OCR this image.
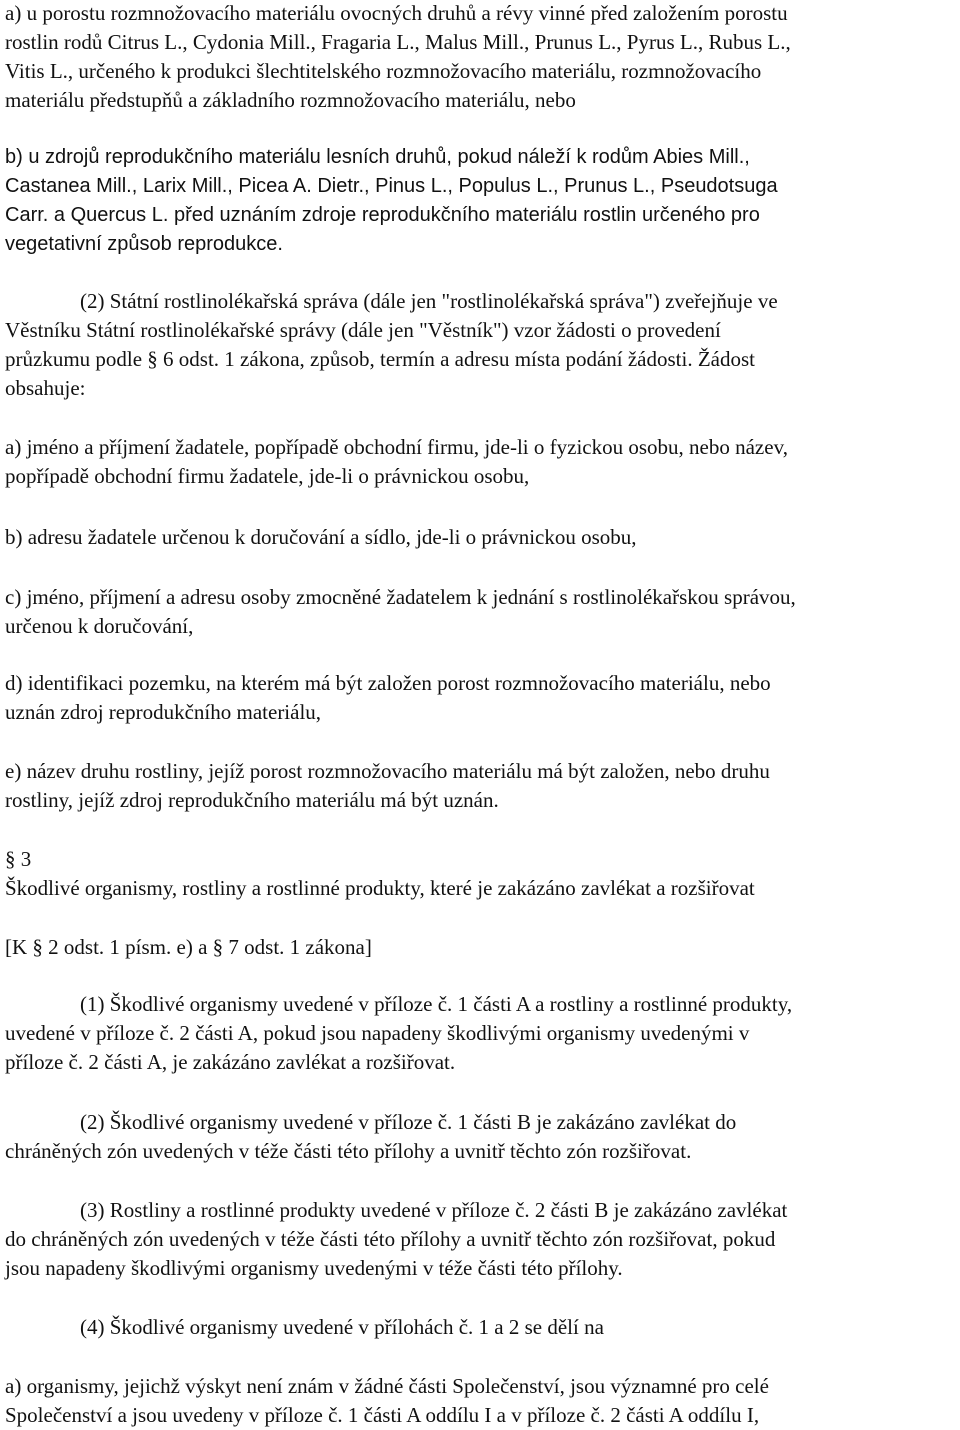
a) u porostu rozmnožovacího materiálu ovocných druhů a révy vinné před založením porostu
rostlin rodů Citrus L., Cydonia Mill., Fragaria L., Malus Mill., Prunus L., Pyrus L., Rubus L.,
Vitis L., určeného k produkci šlechtitelského rozmnožovacího materiálu, rozmnožovacího
materiálu předstupňů a základního rozmnožovacího materiálu, nebo
b) u zdrojů reprodukčního materiálu lesních druhů, pokud náleží k rodům Abies Mill.,
Castanea Mill., Larix Mill., Picea A. Dietr., Pinus L., Populus L., Prunus L., Pseudotsuga
Carr. a Quercus L. před uznáním zdroje reprodukčního materiálu rostlin určeného pro
vegetativní způsob reprodukce.
(2) Státní rostlinolékařská správa (dále jen "rostlinolékařská správa") zveřejňuje ve
Věstníku Státní rostlinolékařské správy (dále jen "Věstník") vzor žádosti o provedení
průzkumu podle § 6 odst. 1 zákona, způsob, termín a adresu místa podání žádosti. Žádost
obsahuje:
a) jméno a příjmení žadatele, popřípadě obchodní firmu, jde-li o fyzickou osobu, nebo název,
popřípadě obchodní firmu žadatele, jde-li o právnickou osobu,
b) adresu žadatele určenou k doručování a sídlo, jde-li o právnickou osobu,
c) jméno, příjmení a adresu osoby zmocněné žadatelem k jednání s rostlinolékařskou správou,
určenou k doručování,
d) identifikaci pozemku, na kterém má být založen porost rozmnožovacího materiálu, nebo
uznán zdroj reprodukčního materiálu,
e) název druhu rostliny, jejíž porost rozmnožovacího materiálu má být založen, nebo druhu
rostliny, jejíž zdroj reprodukčního materiálu má být uznán.
§ 3
Škodlivé organismy, rostliny a rostlinné produkty, které je zakázáno zavlékat a rozšiřovat
[K § 2 odst. 1 písm. e) a § 7 odst. 1 zákona]
(1) Škodlivé organismy uvedené v příloze č. 1 části A a rostliny a rostlinné produkty,
uvedené v příloze č. 2 části A, pokud jsou napadeny škodlivými organismy uvedenými v
příloze č. 2 části A, je zakázáno zavlékat a rozšiřovat.
(2) Škodlivé organismy uvedené v příloze č. 1 části B je zakázáno zavlékat do
chráněných zón uvedených v téže části této přílohy a uvnitř těchto zón rozšiřovat.
(3) Rostliny a rostlinné produkty uvedené v příloze č. 2 části B je zakázáno zavlékat
do chráněných zón uvedených v téže části této přílohy a uvnitř těchto zón rozšiřovat, pokud
jsou napadeny škodlivými organismy uvedenými v téže části této přílohy.
(4) Škodlivé organismy uvedené v přílohách č. 1 a 2 se dělí na
a) organismy, jejichž výskyt není znám v žádné části Společenství, jsou významné pro celé
Společenství a jsou uvedeny v příloze č. 1 části A oddílu I a v příloze č. 2 části A oddílu I,
